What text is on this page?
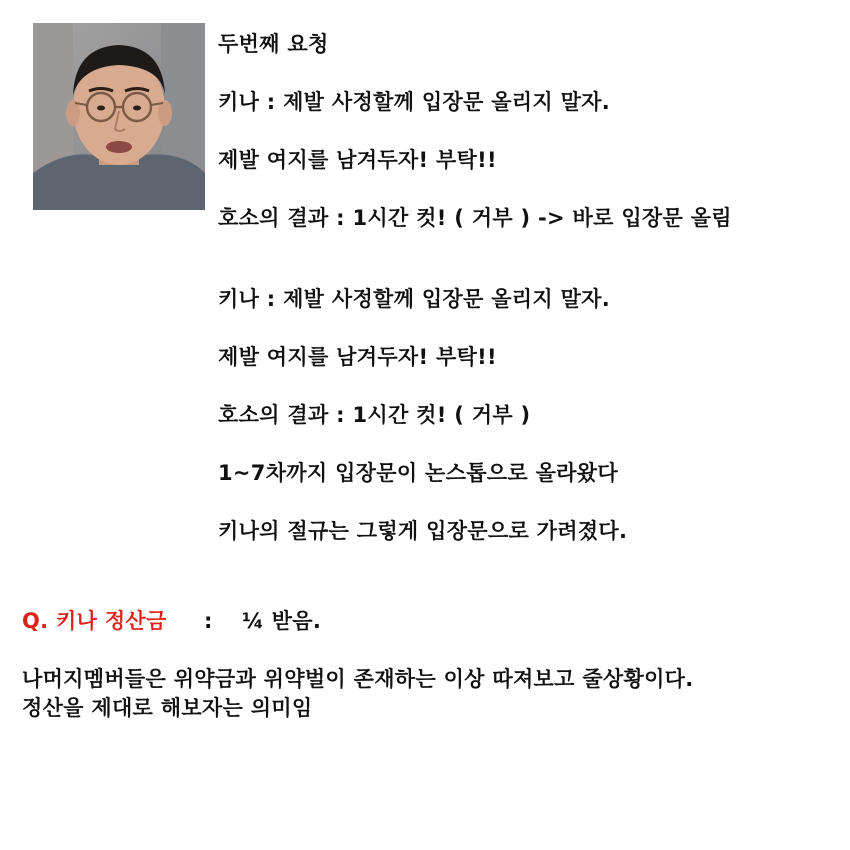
두번째 요청
키나 : 제발 사정할께 입장문 올리지 말자.
제발 여지를 남겨두자! 부탁!!
호소의 결과 : 1시간 컷! ( 거부 ) -> 바로 입장문 올림
키나 : 제발 사정할께 입장문 올리지 말자.
제발 여지를 남겨두자! 부탁!!
호소의 결과 : 1시간 컷! ( 거부 )
1~7차까지 입장문이 논스톱으로 올라왔다
키나의 절규는 그렇게 입장문으로 가려졌다.
Q. 키나 정산금 : ¼ 받음.
나머지멤버들은 위약금과 위약벌이 존재하는 이상 따져보고 줄상황이다.
정산을 제대로 해보자는 의미임
